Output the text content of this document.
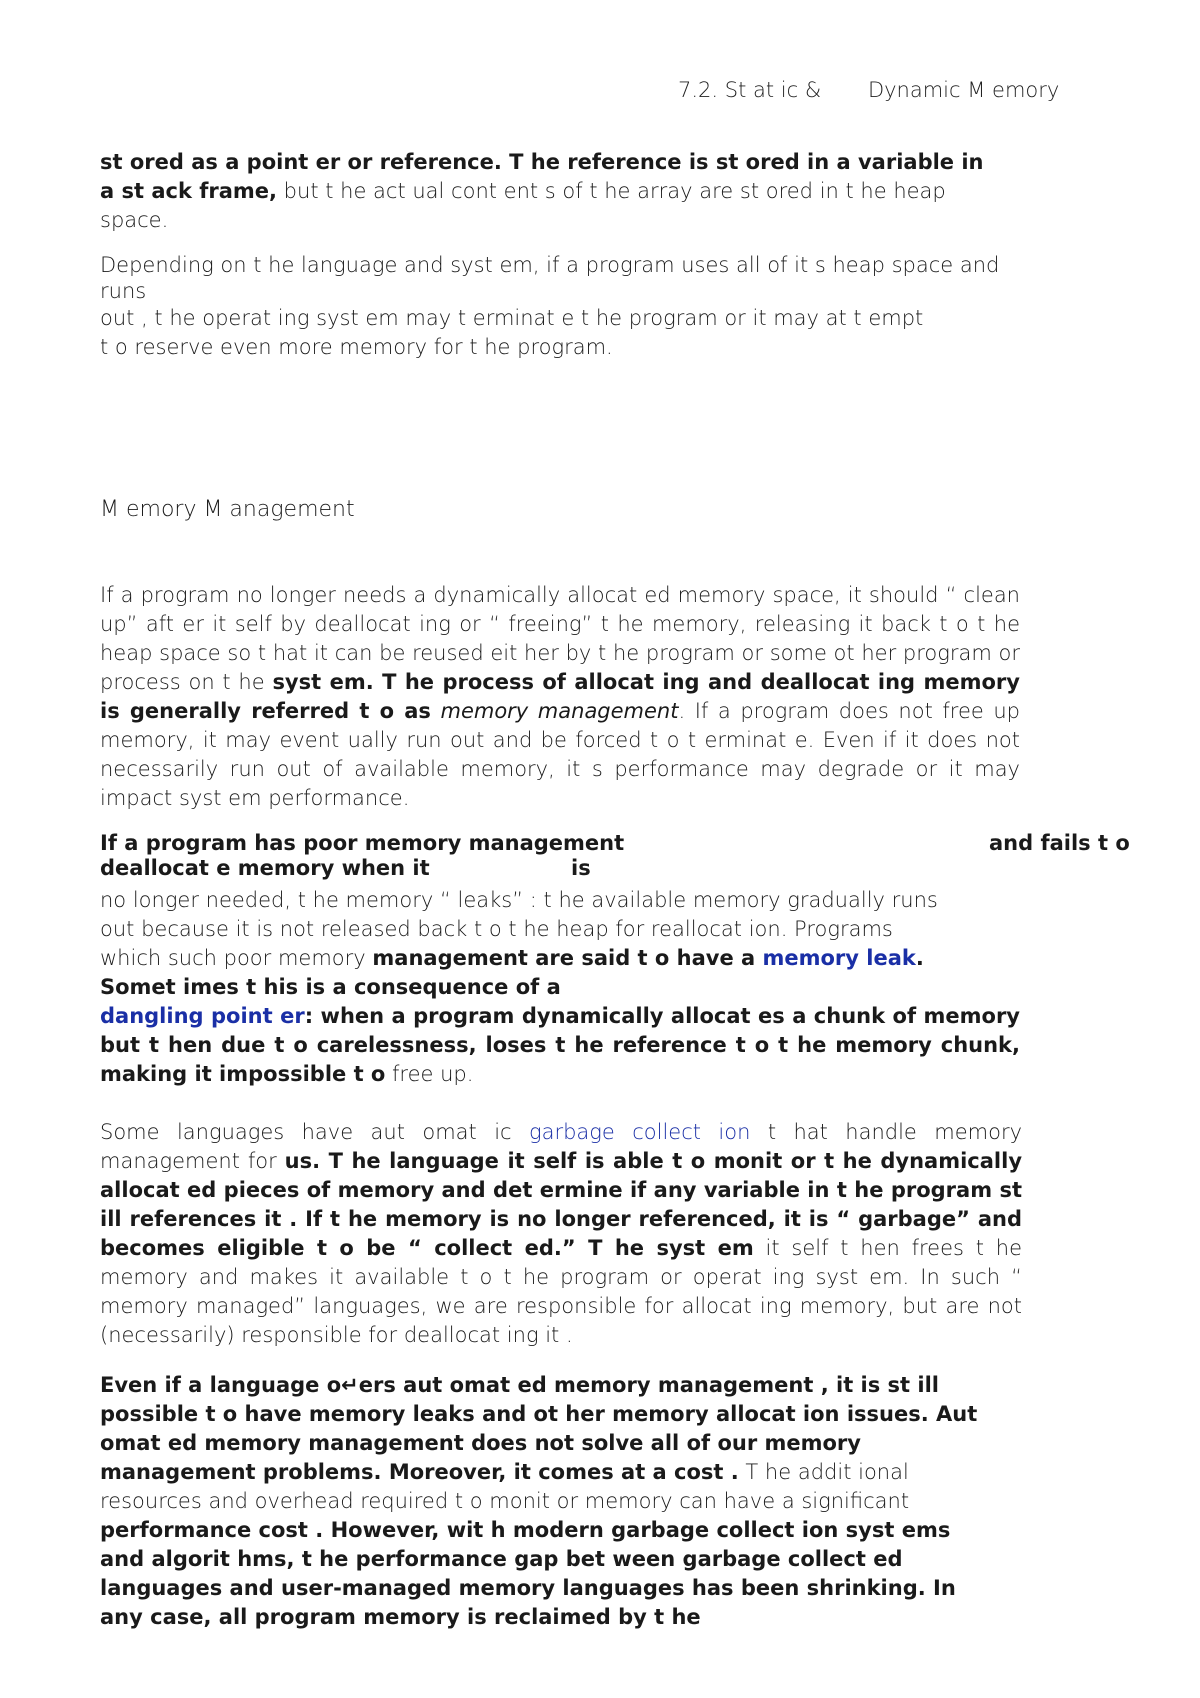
7.2. St at ic & Dynamic M emory
st ored as a point er or reference. T he reference is st ored in a variable in a st ack frame, but t he act ual cont ent s of t he array are st ored in t he heap space.
Depending on t he language and syst em, if a program uses all of it s heap space and
runs
out , t he operat ing syst em may t erminat e t he program or it may at t empt
t o reserve even more memory for t he program.
M emory M anagement
If a program no longer needs a dynamically allocat ed memory space, it should “ clean up” aft er it self by deallocat ing or “ freeing” t he memory, releasing it back t o t he heap space so t hat it can be reused eit her by t he program or some ot her program or process on t he syst em. T he process of allocat ing and deallocat ing memory is generally referred t o as memory management. If a program does not free up memory, it may event ually run out and be forced t o t erminat e. Even if it does not necessarily run out of available memory, it s performance may degrade or it may impact syst em performance.
If a program has poor memory management	and fails t o
deallocat e memory when it	is
no longer needed, t he memory “ leaks” : t he available memory gradually runs
out because it is not released back t o t he heap for reallocat ion. Programs
which such poor memory management are said t o have a memory leak.
Somet imes t his is a consequence of a
dangling point er: when a program dynamically allocat es a chunk of memory but t hen due t o carelessness, loses t he reference t o t he memory chunk, making it impossible t o free up.
Some languages have aut omat ic garbage collect ion t hat handle memory management for us. T he language it self is able t o monit or t he dynamically allocat ed pieces of memory and det ermine if any variable in t he program st ill references it . If t he memory is no longer referenced, it is “ garbage” and becomes eligible t o be “ collect ed.” T he syst em it self t hen frees t he memory and makes it available t o t he program or operat ing syst em. In such “ memory managed” languages, we are responsible for allocat ing memory, but are not (necessarily) responsible for deallocat ing it .
Even if a language o↵ers aut omat ed memory management , it is st ill possible t o have memory leaks and ot her memory allocat ion issues. Aut omat ed memory management does not solve all of our memory management problems. Moreover, it comes at a cost . T he addit ional resources and overhead required t o monit or memory can have a significant performance cost . However, wit h modern garbage collect ion syst ems and algorit hms, t he performance gap bet ween garbage collect ed languages and user-managed memory languages has been shrinking. In any case, all program memory is reclaimed by t he
